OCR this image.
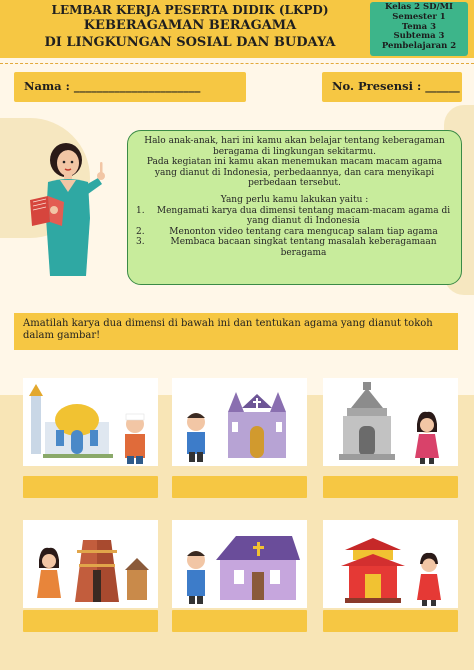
LEMBAR KERJA PESERTA DIDIK (LKPD)
KEBERAGAMAN BERAGAMA
DI LINGKUNGAN SOSIAL DAN BUDAYA
Kelas 2 SD/MI
Semester 1
Tema 3
Subtema 3
Pembelajaran 2
Nama : ______________________	No. Presensi : ______

Halo anak-anak, hari ini kamu akan belajar tentang keberagaman beragama di lingkungan sekitarmu.

Pada kegiatan ini kamu akan menemukan macam macam agama yang dianut di Indonesia, perbedaannya, dan cara menyikapi perbedaan tersebut.

Yang perlu kamu lakukan yaitu :

1.	Mengamati karya dua dimensi tentang macam-macam agama di yang dianut di Indonesia
2.	Menonton video tentang cara mengucap salam tiap agama
3.	Membaca bacaan singkat tentang masalah keberagamaan beragama
Amatilah karya dua dimensi di bawah ini dan tentukan agama yang dianut tokoh dalam gambar!
